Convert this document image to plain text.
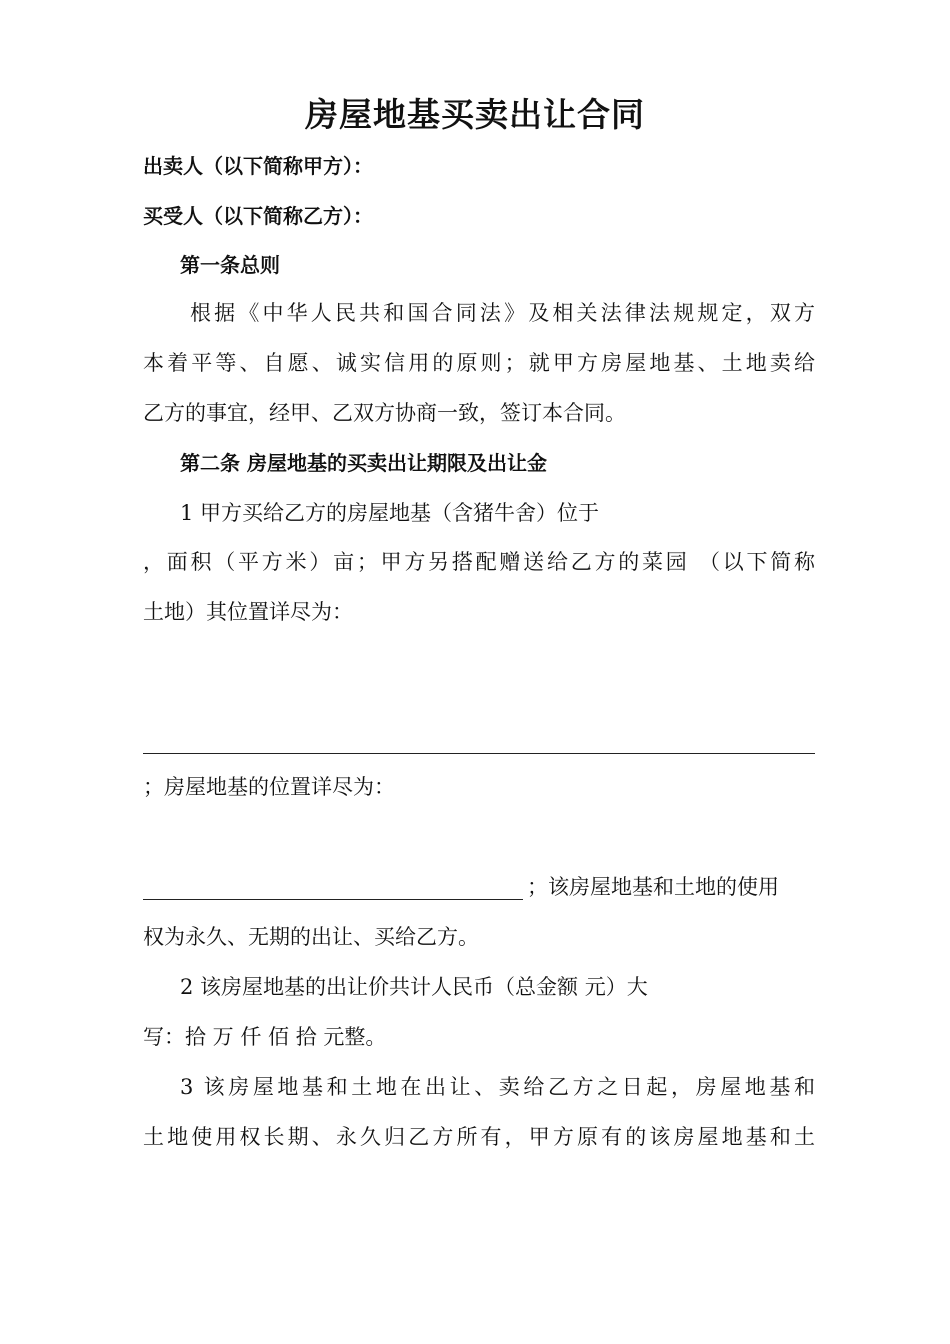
房屋地基买卖出让合同
出卖人（以下简称甲方）：
买受人（以下简称乙方）：
第一条总则
根据《中华人民共和国合同法》及相关法律法规规定，双方
本着平等、自愿、诚实信用的原则；就甲方房屋地基、土地卖给
乙方的事宜，经甲、乙双方协商一致，签订本合同。
第二条 房屋地基的买卖出让期限及出让金
1 甲方买给乙方的房屋地基（含猪牛舍）位于
，面积（平方米）亩；甲方另搭配赠送给乙方的菜园 （以下简称
土地）其位置详尽为：
；房屋地基的位置详尽为：
；该房屋地基和土地的使用
权为永久、无期的出让、买给乙方。
2 该房屋地基的出让价共计人民币（总金额 元）大
写：拾 万 仟 佰 拾 元整。
3 该房屋地基和土地在出让、卖给乙方之日起，房屋地基和
土地使用权长期、永久归乙方所有，甲方原有的该房屋地基和土
